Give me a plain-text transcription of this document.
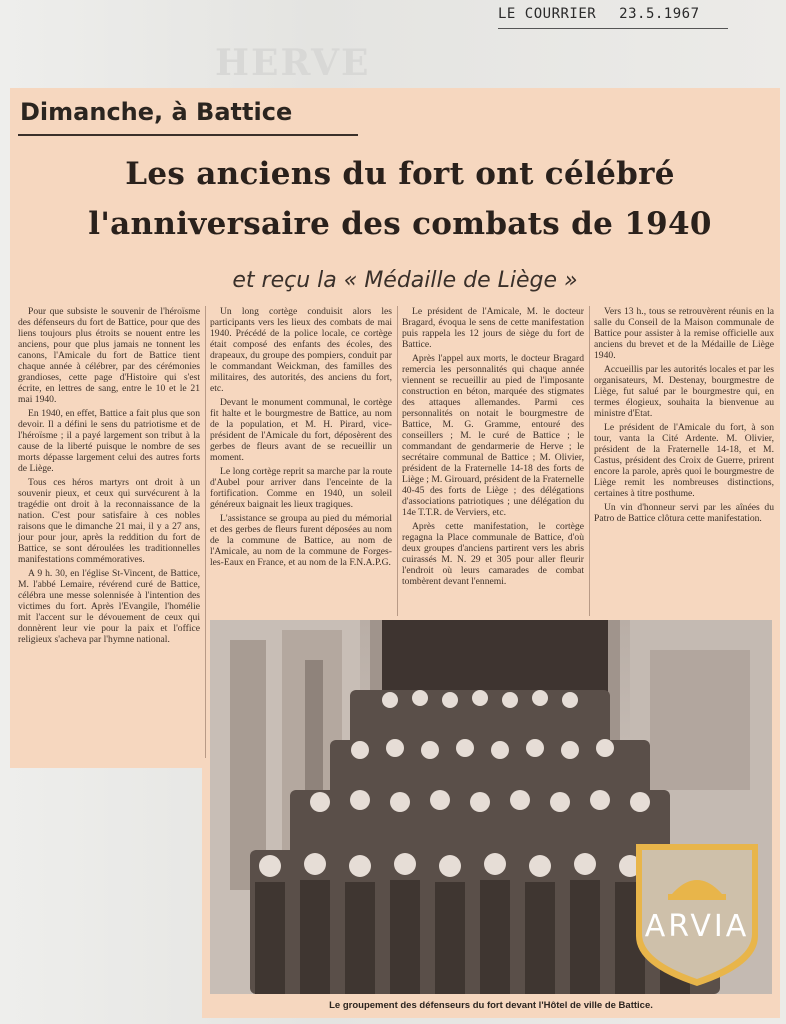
HERVE
LE COURRIER 23.5.1967
Dimanche, à Battice
Les anciens du fort ont célébré
l'anniversaire des combats de 1940
et reçu la « Médaille de Liège »

Pour que subsiste le souvenir de l'héroïsme des défenseurs du fort de Battice, pour que des liens toujours plus étroits se nouent entre les anciens, pour que plus jamais ne tonnent les canons, l'Amicale du fort de Battice tient chaque année à célébrer, par des cérémonies grandioses, cette page d'Histoire qui s'est écrite, en lettres de sang, entre le 10 et le 21 mai 1940.

En 1940, en effet, Battice a fait plus que son devoir. Il a défini le sens du patriotisme et de l'héroïsme ; il a payé largement son tribut à la cause de la liberté puisque le nombre de ses morts dépasse largement celui des autres forts de Liège.

Tous ces héros martyrs ont droit à un souvenir pieux, et ceux qui survécurent à la tragédie ont droit à la reconnaissance de la nation. C'est pour satisfaire à ces nobles raisons que le dimanche 21 mai, il y a 27 ans, jour pour jour, après la reddition du fort de Battice, se sont déroulées les traditionnelles manifestations commémoratives.

A 9 h. 30, en l'église St-Vincent, de Battice, M. l'abbé Lemaire, révérend curé de Battice, célébra une messe solennisée à l'intention des victimes du fort. Après l'Evangile, l'homélie mit l'accent sur le dévouement de ceux qui donnèrent leur vie pour la paix et l'office religieux s'acheva par l'hymne national.

Un long cortège conduisit alors les participants vers les lieux des combats de mai 1940. Précédé de la police locale, ce cortège était composé des enfants des écoles, des drapeaux, du groupe des pompiers, conduit par le commandant Weickman, des familles des militaires, des autorités, des anciens du fort, etc.

Devant le monument communal, le cortège fit halte et le bourgmestre de Battice, au nom de la population, et M. H. Pirard, vice-président de l'Amicale du fort, déposèrent des gerbes de fleurs avant de se recueillir un moment.

Le long cortège reprit sa marche par la route d'Aubel pour arriver dans l'enceinte de la fortification. Comme en 1940, un soleil généreux baignait les lieux tragiques.

L'assistance se groupa au pied du mémorial et des gerbes de fleurs furent déposées au nom de la commune de Battice, au nom de l'Amicale, au nom de la commune de Forges-les-Eaux en France, et au nom de la F.N.A.P.G.

Le président de l'Amicale, M. le docteur Bragard, évoqua le sens de cette manifestation puis rappela les 12 jours de siège du fort de Battice.

Après l'appel aux morts, le docteur Bragard remercia les personnalités qui chaque année viennent se recueillir au pied de l'imposante construction en béton, marquée des stigmates des attaques allemandes. Parmi ces personnalités on notait le bourgmestre de Battice, M. G. Gramme, entouré des conseillers ; M. le curé de Battice ; le commandant de gendarmerie de Herve ; le secrétaire communal de Battice ; M. Olivier, président de la Fraternelle 14-18 des forts de Liège ; M. Girouard, président de la Fraternelle 40-45 des forts de Liège ; des délégations d'associations patriotiques ; une délégation du 14e T.T.R. de Verviers, etc.

Après cette manifestation, le cortège regagna la Place communale de Battice, d'où deux groupes d'anciens partirent vers les abris cuirassés M. N. 29 et 305 pour aller fleurir l'endroit où leurs camarades de combat tombèrent devant l'ennemi.

Vers 13 h., tous se retrouvèrent réunis en la salle du Conseil de la Maison communale de Battice pour assister à la remise officielle aux anciens du brevet et de la Médaille de Liège 1940.

Accueillis par les autorités locales et par les organisateurs, M. Destenay, bourgmestre de Liège, fut salué par le bourgmestre qui, en termes élogieux, souhaita la bienvenue au ministre d'Etat.

Le président de l'Amicale du fort, à son tour, vanta la Cité Ardente. M. Olivier, président de la Fraternelle 14-18, et M. Castus, président des Croix de Guerre, prirent encore la parole, après quoi le bourgmestre de Liège remit les nombreuses distinctions, certaines à titre posthume.

Un vin d'honneur servi par les aînées du Patro de Battice clôtura cette manifestation.

Le groupement des défenseurs du fort devant l'Hôtel de ville de Battice.
ARVIA
